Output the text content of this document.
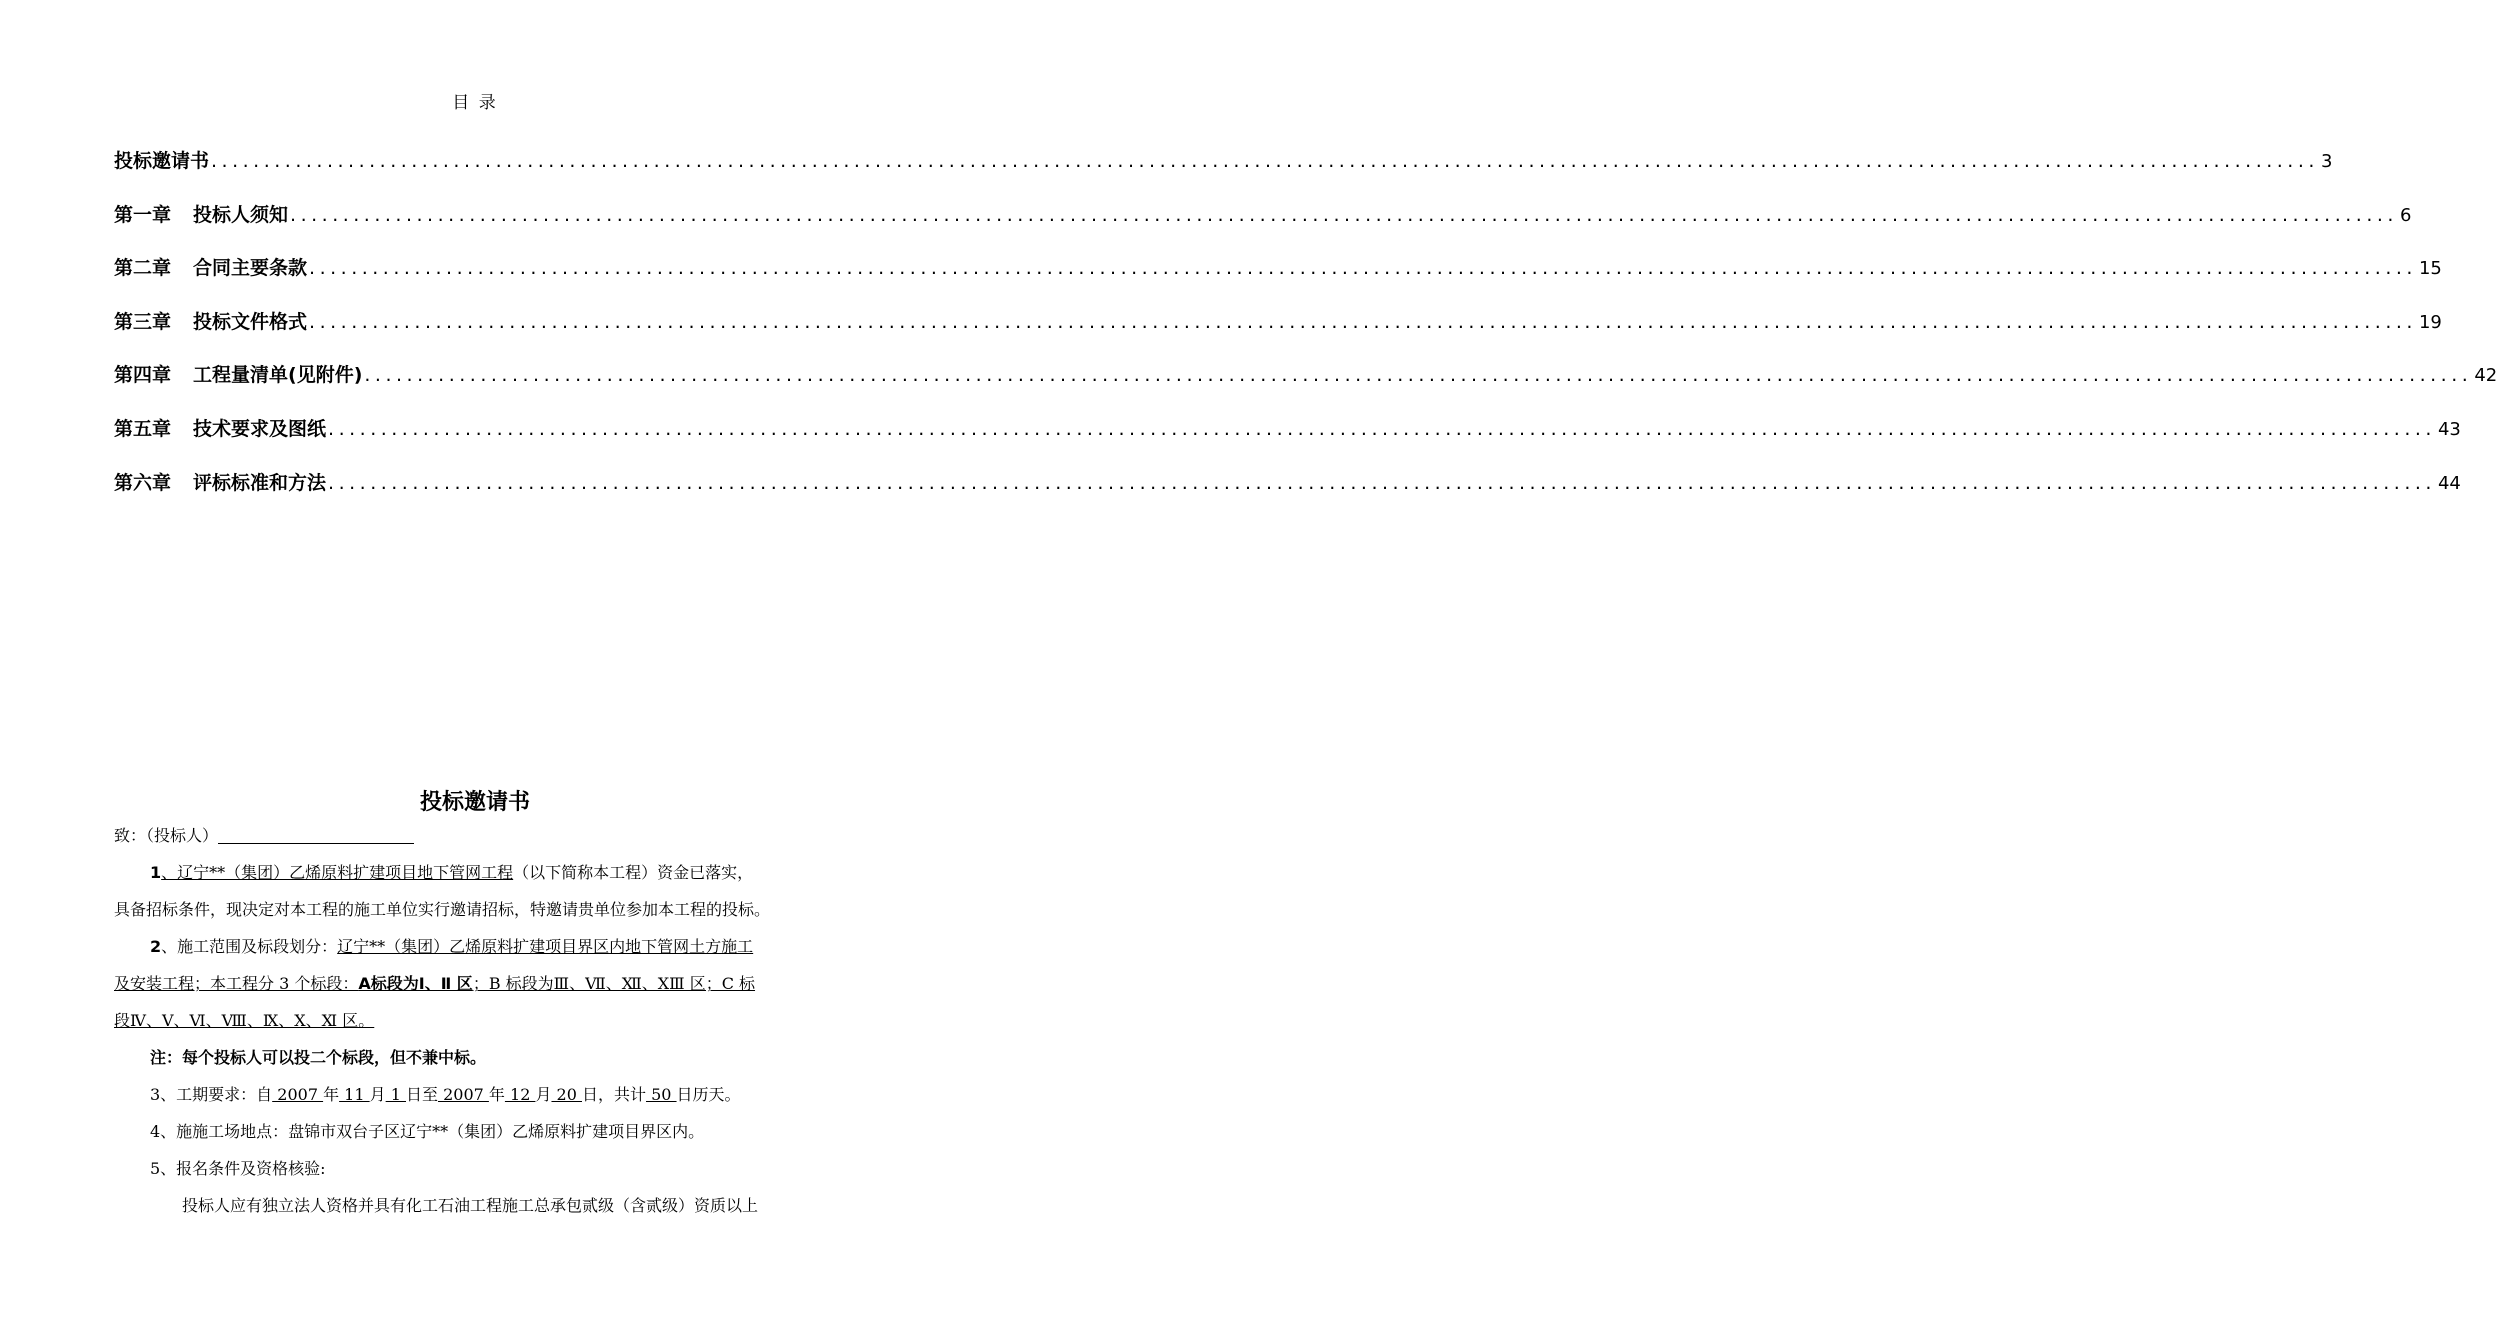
目 录
投标邀请书 ........................................................................................................................................................................................................ 3
第一章 投标人须知 ........................................................................................................................................................................................................ 6
第二章 合同主要条款 ........................................................................................................................................................................................................ 15
第三章 投标文件格式 ........................................................................................................................................................................................................ 19
第四章 工程量清单(见附件) ........................................................................................................................................................................................................ 42
第五章 技术要求及图纸 ........................................................................................................................................................................................................ 43
第六章 评标标准和方法 ........................................................................................................................................................................................................ 44
投标邀请书

致：（投标人）

1、辽宁**（集团）乙烯原料扩建项目地下管网工程（以下简称本工程）资金已落实，

具备招标条件，现决定对本工程的施工单位实行邀请招标，特邀请贵单位参加本工程的投标。

2、施工范围及标段划分：辽宁**（集团）乙烯原料扩建项目界区内地下管网土方施工

及安装工程；本工程分 3 个标段：A标段为Ⅰ、Ⅱ 区；B 标段为Ⅲ、Ⅶ、Ⅻ、ⅩⅢ 区；C 标

段Ⅳ、Ⅴ、Ⅵ、Ⅷ、Ⅸ、Ⅹ、Ⅺ 区。

注：每个投标人可以投二个标段，但不兼中标。

3、工期要求：自 2007 年 11 月 1 日至 2007 年 12 月 20 日，共计 50 日历天。

4、施施工场地点：盘锦市双台子区辽宁**（集团）乙烯原料扩建项目界区内。

5、报名条件及资格核验:

投标人应有独立法人资格并具有化工石油工程施工总承包贰级（含贰级）资质以上
